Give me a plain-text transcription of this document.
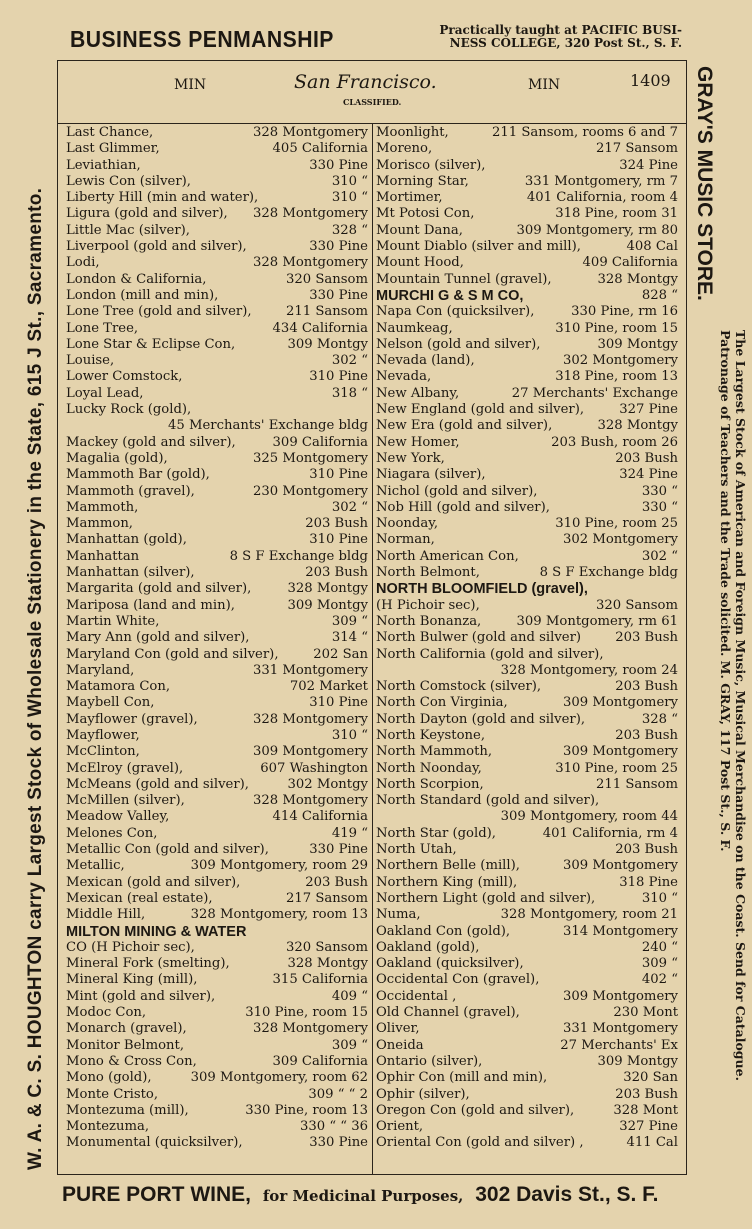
BUSINESS PENMANSHIP	Practically taught at PACIFIC BUSI-
NESS COLLEGE, 320 Post St., S. F.
W. A. & C. S. HOUGHTON carry Largest Stock of Wholesale Stationery in the State, 615 J St., Sacramento.
GRAY'S MUSIC STORE.
The Largest Stock of American and Foreign Music, Musical Merchandise on the Coast. Send for Catalogue. Patronage of Teachers and the Trade solicited. M. GRAY, 117 Post St., S. F.
MIN	San Francisco.	MIN	1409
CLASSIFIED.
Last Chance,	328 Montgomery
Last Glimmer,	405 California
Leviathian,	330 Pine
Lewis Con (silver),	310 “
Liberty Hill (min and water),	310 “
Ligura (gold and silver), 328 Montgomery
Little Mac (silver),	328 “
Liverpool (gold and silver),	330 Pine
Lodi,	328 Montgomery
London & California,	320 Sansom
London (mill and min),	330 Pine
Lone Tree (gold and silver),	211 Sansom
Lone Tree,	434 California
Lone Star & Eclipse Con,	309 Montgy
Louise,	302 “
Lower Comstock,	310 Pine
Loyal Lead,	318 “
Lucky Rock (gold),
45 Merchants' Exchange bldg
Mackey (gold and silver),	309 California
Magalia (gold),	325 Montgomery
Mammoth Bar (gold),	310 Pine
Mammoth (gravel),	230 Montgomery
Mammoth,	302 “
Mammon,	203 Bush
Manhattan (gold),	310 Pine
Manhattan	8 S F Exchange bldg
Manhattan (silver),	203 Bush
Margarita (gold and silver),	328 Montgy
Mariposa (land and min),	309 Montgy
Martin White,	309 “
Mary Ann (gold and silver),	314 “
Maryland Con (gold and silver),	202 San
Maryland,	331 Montgomery
Matamora Con,	702 Market
Maybell Con,	310 Pine
Mayflower (gravel),	328 Montgomery
Mayflower,	310 “
McClinton,	309 Montgomery
McElroy (gravel),	607 Washington
McMeans (gold and silver),	302 Montgy
McMillen (silver),	328 Montgomery
Meadow Valley,	414 California
Melones Con,	419 “
Metallic Con (gold and silver),	330 Pine
Metallic,	309 Montgomery, room 29
Mexican (gold and silver),	203 Bush
Mexican (real estate),	217 Sansom
Middle Hill,	328 Montgomery, room 13
MILTON MINING & WATER
CO (H Pichoir sec),	320 Sansom
Mineral Fork (smelting),	328 Montgy
Mineral King (mill),	315 California
Mint (gold and silver),	409 “
Modoc Con,	310 Pine, room 15
Monarch (gravel),	328 Montgomery
Monitor Belmont,	309 “
Mono & Cross Con,	309 California
Mono (gold),	309 Montgomery, room 62
Monte Cristo,	309 “ “ 2
Montezuma (mill),	330 Pine, room 13
Montezuma,	330 “ “ 36
Monumental (quicksilver),	330 Pine
Moonlight,	211 Sansom, rooms 6 and 7
Moreno,	217 Sansom
Morisco (silver),	324 Pine
Morning Star,	331 Montgomery, rm 7
Mortimer,	401 California, room 4
Mt Potosi Con,	318 Pine, room 31
Mount Dana,	309 Montgomery, rm 80
Mount Diablo (silver and mill),	408 Cal
Mount Hood,	409 California
Mountain Tunnel (gravel),	328 Montgy
MURCHI G & S M CO,	828 “
Napa Con (quicksilver),	330 Pine, rm 16
Naumkeag,	310 Pine, room 15
Nelson (gold and silver),	309 Montgy
Nevada (land),	302 Montgomery
Nevada,	318 Pine, room 13
New Albany,	27 Merchants' Exchange
New England (gold and silver),	327 Pine
New Era (gold and silver),	328 Montgy
New Homer,	203 Bush, room 26
New York,	203 Bush
Niagara (silver),	324 Pine
Nichol (gold and silver),	330 “
Nob Hill (gold and silver),	330 “
Noonday,	310 Pine, room 25
Norman,	302 Montgomery
North American Con,	302 “
North Belmont,	8 S F Exchange bldg
NORTH BLOOMFIELD (gravel),
(H Pichoir sec),	320 Sansom
North Bonanza,	309 Montgomery, rm 61
North Bulwer (gold and silver)	203 Bush
North California (gold and silver),
328 Montgomery, room 24
North Comstock (silver),	203 Bush
North Con Virginia,	309 Montgomery
North Dayton (gold and silver),	328 “
North Keystone,	203 Bush
North Mammoth,	309 Montgomery
North Noonday,	310 Pine, room 25
North Scorpion,	211 Sansom
North Standard (gold and silver),
309 Montgomery, room 44
North Star (gold),	401 California, rm 4
North Utah,	203 Bush
Northern Belle (mill),	309 Montgomery
Northern King (mill),	318 Pine
Northern Light (gold and silver),	310 “
Numa,	328 Montgomery, room 21
Oakland Con (gold),	314 Montgomery
Oakland (gold),	240 “
Oakland (quicksilver),	309 “
Occidental Con (gravel),	402 “
Occidental ,	309 Montgomery
Old Channel (gravel),	230 Mont
Oliver,	331 Montgomery
Oneida	27 Merchants' Ex
Ontario (silver),	309 Montgy
Ophir Con (mill and min),	320 San
Ophir (silver),	203 Bush
Oregon Con (gold and silver),	328 Mont
Orient,	327 Pine
Oriental Con (gold and silver) ,	411 Cal
PURE PORT WINE, for Medicinal Purposes, 302 Davis St., S. F.
